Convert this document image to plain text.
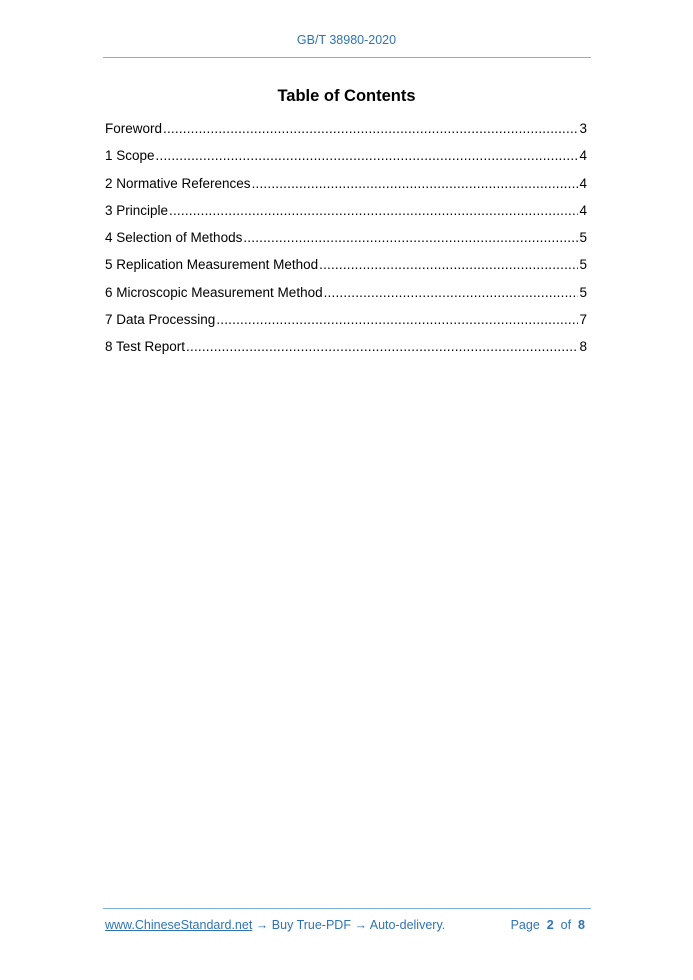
GB/T 38980-2020
Table of Contents
Foreword .....	3
1 Scope .....	4
2 Normative References .....	4
3 Principle .....	4
4 Selection of Methods .....	5
5 Replication Measurement Method .....	5
6 Microscopic Measurement Method .....	5
7 Data Processing .....	7
8 Test Report .....	8
www.ChineseStandard.net → Buy True-PDF → Auto-delivery.	Page 2 of 8
